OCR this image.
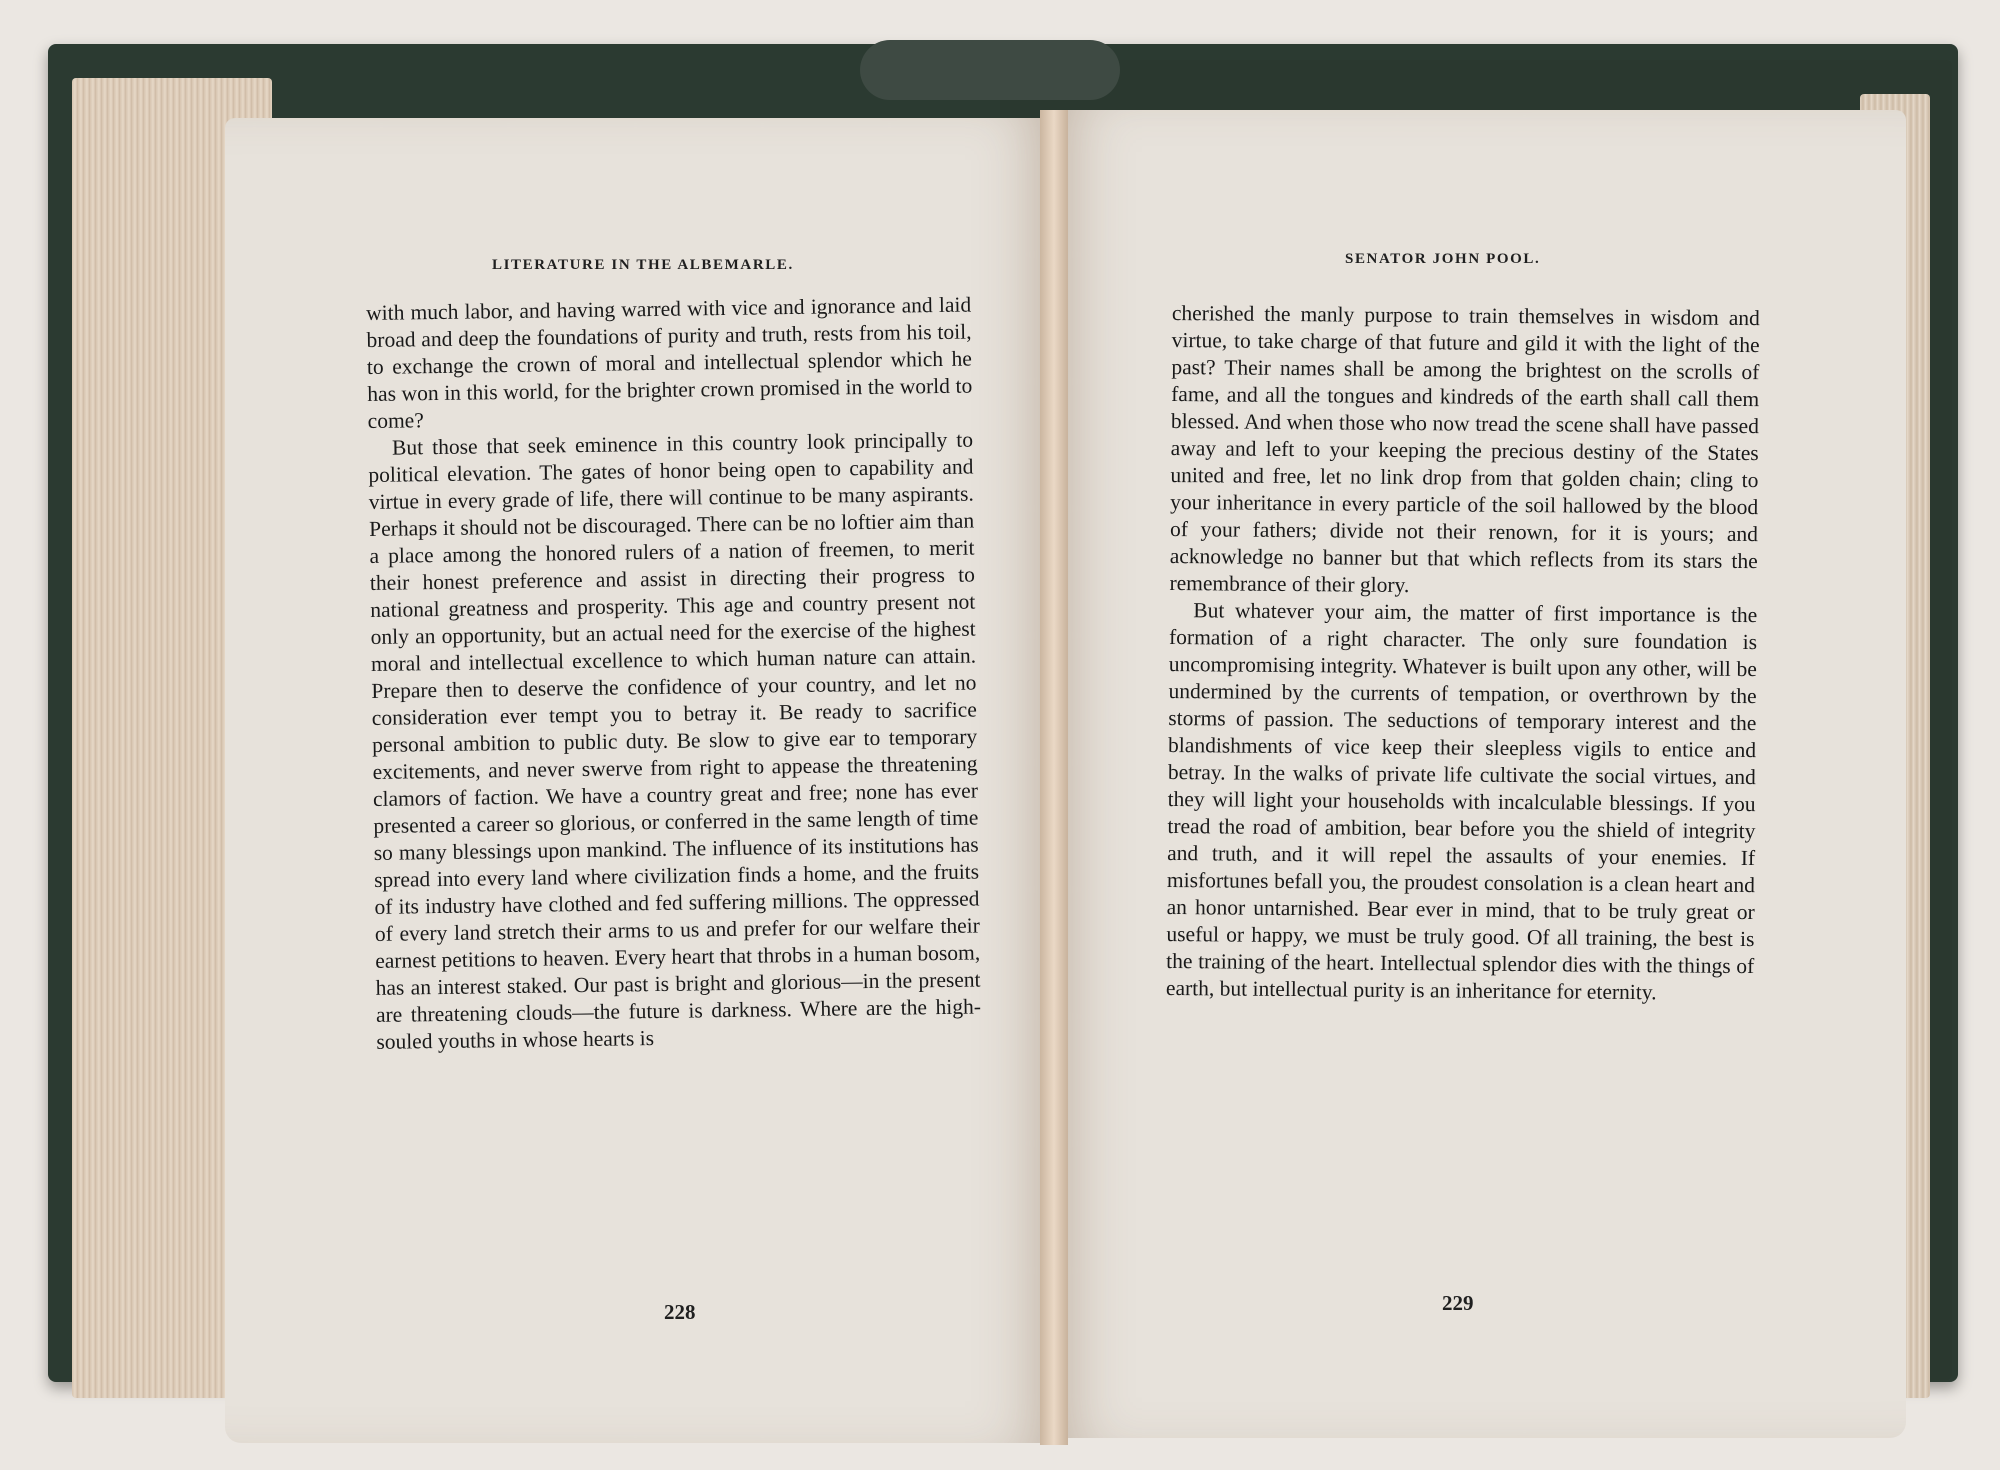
LITERATURE IN THE ALBEMARLE.	SENATOR JOHN POOL.

with much labor, and having warred with vice and ignorance and laid broad and deep the foundations of purity and truth, rests from his toil, to exchange the crown of moral and intellectual splendor which he has won in this world, for the brighter crown promised in the world to come?

But those that seek eminence in this country look principally to political elevation. The gates of honor being open to capability and virtue in every grade of life, there will continue to be many aspirants. Perhaps it should not be discouraged. There can be no loftier aim than a place among the honored rulers of a nation of freemen, to merit their honest preference and assist in directing their progress to national greatness and prosperity. This age and country present not only an opportunity, but an actual need for the exercise of the highest moral and intellectual excellence to which human nature can attain. Prepare then to deserve the confidence of your country, and let no consideration ever tempt you to betray it. Be ready to sacrifice personal ambition to public duty. Be slow to give ear to temporary excitements, and never swerve from right to appease the threatening clamors of faction. We have a country great and free; none has ever presented a career so glorious, or conferred in the same length of time so many blessings upon mankind. The influence of its institutions has spread into every land where civilization finds a home, and the fruits of its industry have clothed and fed suffering millions. The oppressed of every land stretch their arms to us and prefer for our welfare their earnest petitions to heaven. Every heart that throbs in a human bosom, has an interest staked. Our past is bright and glorious—in the present are threatening clouds—the future is darkness. Where are the high-souled youths in whose hearts is

cherished the manly purpose to train themselves in wisdom and virtue, to take charge of that future and gild it with the light of the past? Their names shall be among the brightest on the scrolls of fame, and all the tongues and kindreds of the earth shall call them blessed. And when those who now tread the scene shall have passed away and left to your keeping the precious destiny of the States united and free, let no link drop from that golden chain; cling to your inheritance in every particle of the soil hallowed by the blood of your fathers; divide not their renown, for it is yours; and acknowledge no banner but that which reflects from its stars the remembrance of their glory.

But whatever your aim, the matter of first importance is the formation of a right character. The only sure foundation is uncompromising integrity. Whatever is built upon any other, will be undermined by the currents of tempation, or overthrown by the storms of passion. The seductions of temporary interest and the blandishments of vice keep their sleepless vigils to entice and betray. In the walks of private life cultivate the social virtues, and they will light your households with incalculable blessings. If you tread the road of ambition, bear before you the shield of integrity and truth, and it will repel the assaults of your enemies. If misfortunes befall you, the proudest consolation is a clean heart and an honor untarnished. Bear ever in mind, that to be truly great or useful or happy, we must be truly good. Of all training, the best is the training of the heart. Intellectual splendor dies with the things of earth, but intellectual purity is an inheritance for eternity.

228	229
